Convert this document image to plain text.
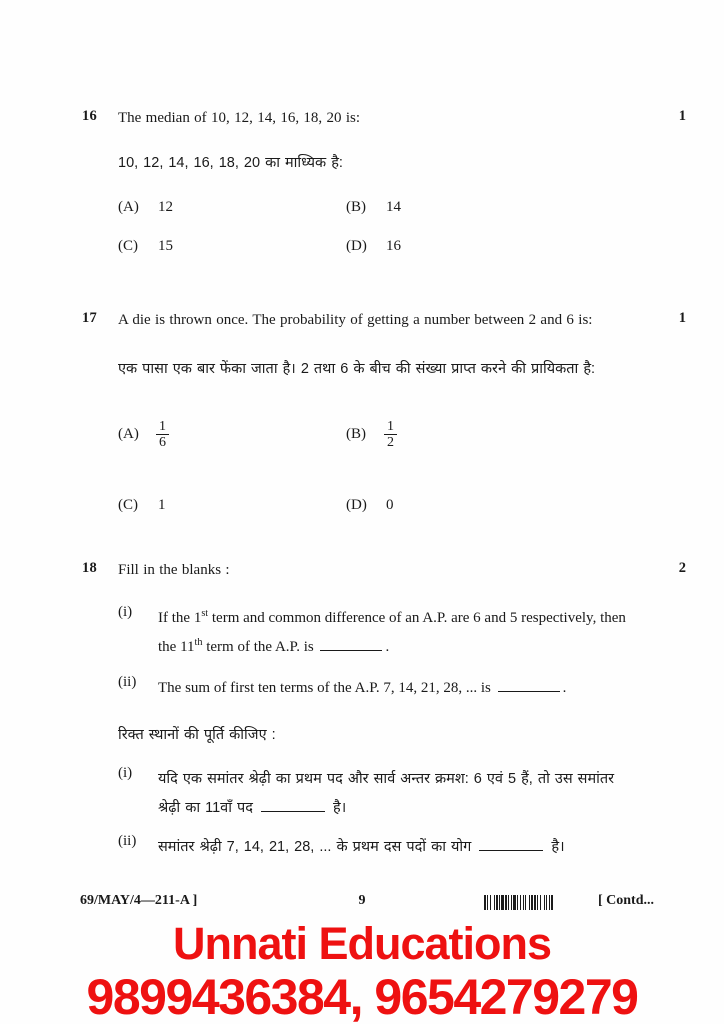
16	1
The median of 10, 12, 14, 16, 18, 20 is:
10, 12, 14, 16, 18, 20 का माध्यिक है:
(A)	12	(B)	14
(C)	15	(D)	16
17	1
A die is thrown once. The probability of getting a number between 2 and 6 is:
एक पासा एक बार फेंका जाता है। 2 तथा 6 के बीच की संख्या प्राप्त करने की प्रायिकता है:
(A)	$\frac{1}{6}$	(B)	$\frac{1}{2}$
(C)	1	(D)	0
18	2
Fill in the blanks :
(i)	If the 1st term and common difference of an A.P. are 6 and 5 respectively, then
the 11th term of the A.P. is	.
(ii)	The sum of first ten terms of the A.P. 7, 14, 21, 28, ... is	.
रिक्त स्थानों की पूर्ति कीजिए :
(i)	यदि एक समांतर श्रेढ़ी का प्रथम पद और सार्व अन्तर क्रमश: 6 एवं 5 हैं, तो उस समांतर
श्रेढ़ी का 11वाँ पद	है।
(ii)	समांतर श्रेढ़ी 7, 14, 21, 28, ... के प्रथम दस पदों का योग	है।
69/MAY/4—211-A ]	9	[ Contd...
Unnati Educations
9899436384, 9654279279
